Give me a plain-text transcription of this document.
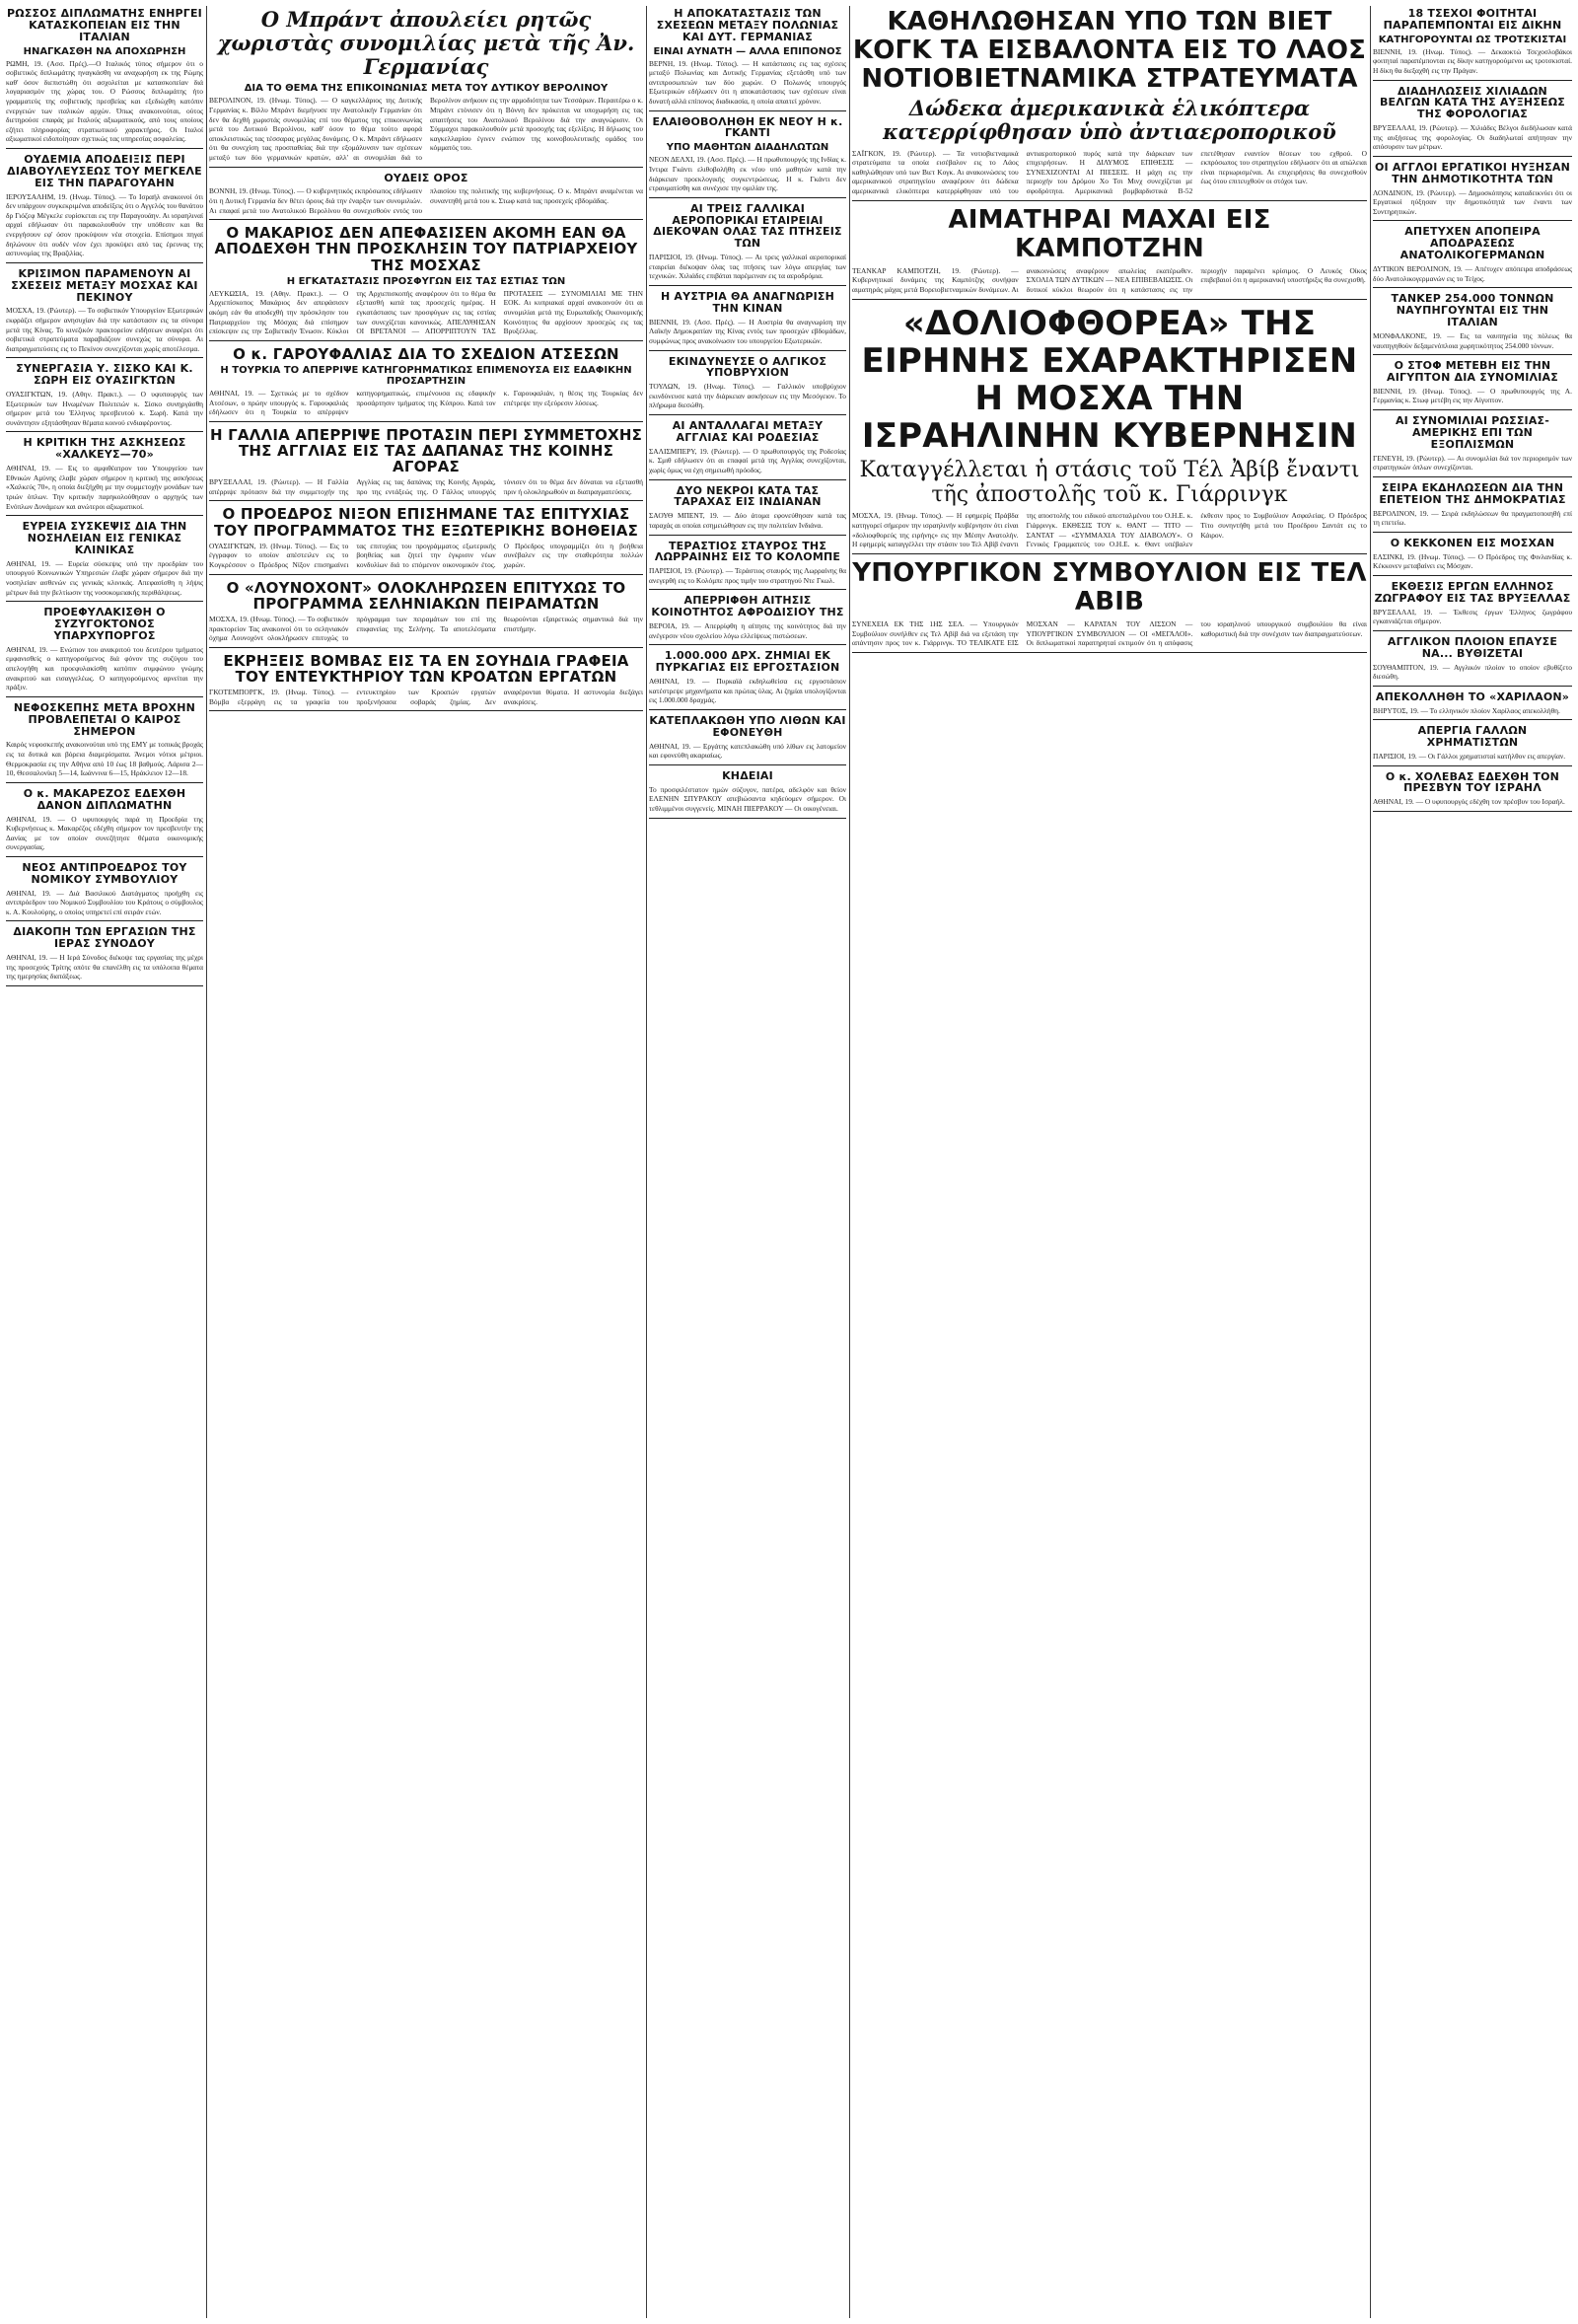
ΡΩΣΣΟΣ ΔΙΠΛΩΜΑΤΗΣ ΕΝΗΡΓΕΙ ΚΑΤΑΣΚΟΠΕΙΑΝ ΕΙΣ ΤΗΝ ΙΤΑΛΙΑΝ
ΗΝΑΓΚΑΣΘΗ ΝΑ ΑΠΟΧΩΡΗΣΗ
ΡΩΜΗ, 19. (Ασσ. Πρές).—Ο Ιταλικός τύπος σήμερον ότι ο σοβιετικός διπλωμάτης ηναγκάσθη να αναχωρήση εκ της Ρώμης καθ' όσον διεπιστώθη ότι ασχολείται με κατασκοπείαν διά λογαριασμόν της χώρας του. Ο Ρώσσος διπλωμάτης ήτο γραμματεύς της σοβιετικής πρεσβείας και εξεδιώχθη κατόπιν ενεργειών των ιταλικών αρχών. Όπως ανακοινούται, ούτος διετηρούσε επαφάς με Ιταλούς αξιωματικούς, από τους οποίους εζήτει πληροφορίας στρατιωτικού χαρακτήρος. Οι Ιταλοί αξιωματικοί ειδοποίησαν σχετικώς τας υπηρεσίας ασφαλείας.
ΟΥΔΕΜΙΑ ΑΠΟΔΕΙΞΙΣ ΠΕΡΙ ΔΙΑΒΟΥΛΕΥΣΕΩΣ ΤΟΥ ΜΕΓΚΕΛΕ ΕΙΣ ΤΗΝ ΠΑΡΑΓΟΥΑΗΝ
ΙΕΡΟΥΣΑΛΗΜ, 19. (Ηνωμ. Τύπος). — Το Ισραήλ ανακοινοί ότι δεν υπάρχουν συγκεκριμέναι αποδείξεις ότι ο Αγγελός του θανάτου δρ Γιόζεφ Μέγκελε ευρίσκεται εις την Παραγουάην. Αι ισραηλιναί αρχαί εδήλωσαν ότι παρακολουθούν την υπόθεσιν και θα ενεργήσουν εφ' όσον προκύψουν νέα στοιχεία. Επίσημοι πηγαί δηλώνουν ότι ουδέν νέον έχει προκύψει από τας έρευνας της αστυνομίας της Βραζιλίας.
ΚΡΙΣΙΜΟΝ ΠΑΡΑΜΕΝΟΥΝ ΑΙ ΣΧΕΣΕΙΣ ΜΕΤΑΞΥ ΜΟΣΧΑΣ ΚΑΙ ΠΕΚΙΝΟΥ
ΜΟΣΧΑ, 19. (Ρώυτερ). — Το σοβιετικόν Υπουργείον Εξωτερικών εκφράζει σήμερον ανησυχίαν διά την κατάστασιν εις τα σύνορα μετά της Κίνας. Το κινεζικόν πρακτορείον ειδήσεων αναφέρει ότι σοβιετικά στρατεύματα παραβιάζουν συνεχώς τα σύνορα. Αι διαπραγματεύσεις εις το Πεκίνον συνεχίζονται χωρίς αποτέλεσμα.
ΣΥΝΕΡΓΑΣΙΑ Υ. ΣΙΣΚΟ ΚΑΙ Κ. ΣΩΡΗ ΕΙΣ ΟΥΑΣΙΓΚΤΩΝ
ΟΥΑΣΙΓΚΤΩΝ, 19. (Αθην. Πρακτ.). — Ο υφυπουργός των Εξωτερικών των Ηνωμένων Πολιτειών κ. Σίσκο συνηργάσθη σήμερον μετά του Έλληνος πρεσβευτού κ. Σωρή. Κατά την συνάντησιν εξητάσθησαν θέματα κοινού ενδιαφέροντος.
Η ΚΡΙΤΙΚΗ ΤΗΣ ΑΣΚΗΣΕΩΣ «ΧΑΛΚΕΥΣ—70»
ΑΘΗΝΑΙ, 19. — Εις το αμφιθέατρον του Υπουργείου των Εθνικών Αμύνης έλαβε χώραν σήμερον η κριτική της ασκήσεως «Χαλκεύς 70», η οποία διεξήχθη με την συμμετοχήν μονάδων των τριών όπλων. Την κριτικήν παρηκολούθησαν ο αρχηγός των Ενόπλων Δυνάμεων και ανώτεροι αξιωματικοί.
ΕΥΡΕΙΑ ΣΥΣΚΕΨΙΣ ΔΙΑ ΤΗΝ ΝΟΣΗΛΕΙΑΝ ΕΙΣ ΓΕΝΙΚΑΣ ΚΛΙΝΙΚΑΣ
ΑΘΗΝΑΙ, 19. — Ευρεία σύσκεψις υπό την προεδρίαν του υπουργού Κοινωνικών Υπηρεσιών έλαβε χώραν σήμερον διά την νοσηλείαν ασθενών εις γενικάς κλινικάς. Απεφασίσθη η λήψις μέτρων διά την βελτίωσιν της νοσοκομειακής περιθάλψεως.
ΠΡΟΕΦΥΛΑΚΙΣΘΗ Ο ΣΥΖΥΓΟΚΤΟΝΟΣ ΥΠΑΡΧΥΠΟΡΓΟΣ
ΑΘΗΝΑΙ, 19. — Ενώπιον του ανακριτού του δευτέρου τμήματος εμφανισθείς ο κατηγορούμενος διά φόνον της συζύγου του απελογήθη και προεφυλακίσθη κατόπιν συμφώνου γνώμης ανακριτού και εισαγγελέως. Ο κατηγορούμενος αρνείται την πράξιν.
ΝΕΦΟΣΚΕΠΗΣ ΜΕΤΑ ΒΡΟΧΗΝ ΠΡΟΒΛΕΠΕΤΑΙ Ο ΚΑΙΡΟΣ ΣΗΜΕΡΟΝ
Καιρός νεφοσκεπής ανακοινούται υπό της ΕΜΥ με τοπικάς βροχάς εις τα δυτικά και βόρεια διαμερίσματα. Άνεμοι νότιοι μέτριοι. Θερμοκρασία εις την Αθήνα από 10 έως 18 βαθμούς. Λάρισα 2—10, Θεσσαλονίκη 5—14, Ιωάννινα 6—15, Ηράκλειον 12—18.
Ο κ. ΜΑΚΑΡΕΖΟΣ ΕΔΕΧΘΗ ΔΑΝΟΝ ΔΙΠΛΩΜΑΤΗΝ
ΑΘΗΝΑΙ, 19. — Ο υφυπουργός παρά τη Προεδρία της Κυβερνήσεως κ. Μακαρέζος εδέχθη σήμερον τον πρεσβευτήν της Δανίας με τον οποίον συνεζήτησε θέματα οικονομικής συνεργασίας.
ΝΕΟΣ ΑΝΤΙΠΡΟΕΔΡΟΣ ΤΟΥ ΝΟΜΙΚΟΥ ΣΥΜΒΟΥΛΙΟΥ
ΑΘΗΝΑΙ, 19. — Διά Βασιλικού Διατάγματος προήχθη εις αντιπρόεδρον του Νομικού Συμβουλίου του Κράτους ο σύμβουλος κ. Α. Κουλούρης, ο οποίος υπηρετεί επί σειράν ετών.
ΔΙΑΚΟΠΗ ΤΩΝ ΕΡΓΑΣΙΩΝ ΤΗΣ ΙΕΡΑΣ ΣΥΝΟΔΟΥ
ΑΘΗΝΑΙ, 19. — Η Ιερά Σύνοδος διέκοψε τας εργασίας της μέχρι της προσεχούς Τρίτης οπότε θα επανέλθη εις τα υπόλοιπα θέματα της ημερησίας διατάξεως.
Ο Μπράντ ἀπουλείει ρητῶς χωριστὰς συνομιλίας μετὰ τῆς Ἀν. Γερμανίας
ΔΙΑ ΤΟ ΘΕΜΑ ΤΗΣ ΕΠΙΚΟΙΝΩΝΙΑΣ ΜΕΤΑ ΤΟΥ ΔΥΤΙΚΟΥ ΒΕΡΟΛΙΝΟΥ
ΒΕΡΟΛΙΝΟΝ, 19. (Ηνωμ. Τύπος). — Ο καγκελλάριος της Δυτικής Γερμανίας κ. Βίλλυ Μπράντ διεμήνυσε την Ανατολικήν Γερμανίαν ότι δεν θα δεχθή χωριστάς συνομιλίας επί του θέματος της επικοινωνίας μετά του Δυτικού Βερολίνου, καθ' όσον το θέμα τούτο αφορά αποκλειστικώς τας τέσσαρας μεγάλας δυνάμεις. Ο κ. Μπράντ εδήλωσεν ότι θα συνεχίση τας προσπαθείας διά την εξομάλυνσιν των σχέσεων μεταξύ των δύο γερμανικών κρατών, αλλ' αι συνομιλίαι διά το Βερολίνον ανήκουν εις την αρμοδιότητα των Τεσσάρων. Περαιτέρω ο κ. Μπράντ ετόνισεν ότι η Βόννη δεν πρόκειται να υποχωρήση εις τας απαιτήσεις του Ανατολικού Βερολίνου διά την αναγνώρισιν. Οι Σύμμαχοι παρακολουθούν μετά προσοχής τας εξελίξεις. Η δήλωσις του καγκελλαρίου έγινεν ενώπιον της κοινοβουλευτικής ομάδος του κόμματός του.
ΟΥΔΕΙΣ ΟΡΟΣ
ΒΟΝΝΗ, 19. (Ηνωμ. Τύπος). — Ο κυβερνητικός εκπρόσωπος εδήλωσεν ότι η Δυτική Γερμανία δεν θέτει όρους διά την έναρξιν των συνομιλιών. Αι επαφαί μετά του Ανατολικού Βερολίνου θα συνεχισθούν εντός του πλαισίου της πολιτικής της κυβερνήσεως. Ο κ. Μπράντ αναμένεται να συναντηθή μετά του κ. Στωφ κατά τας προσεχείς εβδομάδας.
Ο ΜΑΚΑΡΙΟΣ ΔΕΝ ΑΠΕΦΑΣΙΣΕΝ ΑΚΟΜΗ ΕΑΝ ΘΑ ΑΠΟΔΕΧΘΗ ΤΗΝ ΠΡΟΣΚΛΗΣΙΝ ΤΟΥ ΠΑΤΡΙΑΡΧΕΙΟΥ ΤΗΣ ΜΟΣΧΑΣ
Η ΕΓΚΑΤΑΣΤΑΣΙΣ ΠΡΟΣΦΥΓΩΝ ΕΙΣ ΤΑΣ ΕΣΤΙΑΣ ΤΩΝ
ΛΕΥΚΩΣΙΑ, 19. (Αθην. Πρακτ.). — Ο Αρχιεπίσκοπος Μακάριος δεν απεφάσισεν ακόμη εάν θα αποδεχθή την πρόσκλησιν του Πατριαρχείου της Μόσχας διά επίσημον επίσκεψιν εις την Σοβιετικήν Ένωσιν. Κύκλοι της Αρχιεπισκοπής αναφέρουν ότι το θέμα θα εξετασθή κατά τας προσεχείς ημέρας. Η εγκατάστασις των προσφύγων εις τας εστίας των συνεχίζεται κανονικώς. ΑΠΕΛΥΘΗΣΑΝ ΟΙ ΒΡΕΤΑΝΟΙ — ΑΠΟΡΡΙΠΤΟΥΝ ΤΑΣ ΠΡΟΤΑΣΕΙΣ — ΣΥΝΟΜΙΛΙΑΙ ΜΕ ΤΗΝ ΕΟΚ. Αι κυπριακαί αρχαί ανακοινούν ότι αι συνομιλίαι μετά της Ευρωπαϊκής Οικονομικής Κοινότητος θα αρχίσουν προσεχώς εις τας Βρυξέλλας.
Ο κ. ΓΑΡΟΥΦΑΛΙΑΣ ΔΙΑ ΤΟ ΣΧΕΔΙΟΝ ΑΤΣΕΣΩΝ
Η ΤΟΥΡΚΙΑ ΤΟ ΑΠΕΡΡΙΨΕ ΚΑΤΗΓΟΡΗΜΑΤΙΚΩΣ ΕΠΙΜΕΝΟΥΣΑ ΕΙΣ ΕΔΑΦΙΚΗΝ ΠΡΟΣΑΡΤΗΣΙΝ
ΑΘΗΝΑΙ, 19. — Σχετικώς με το σχέδιον Ατσέσων, ο πρώην υπουργός κ. Γαρουφαλιάς εδήλωσεν ότι η Τουρκία το απέρριψεν κατηγορηματικώς, επιμένουσα εις εδαφικήν προσάρτησιν τμήματος της Κύπρου. Κατά τον κ. Γαρουφαλιάν, η θέσις της Τουρκίας δεν επέτρεψε την εξεύρεσιν λύσεως.
Η ΓΑΛΛΙΑ ΑΠΕΡΡΙΨΕ ΠΡΟΤΑΣΙΝ ΠΕΡΙ ΣΥΜΜΕΤΟΧΗΣ ΤΗΣ ΑΓΓΛΙΑΣ ΕΙΣ ΤΑΣ ΔΑΠΑΝΑΣ ΤΗΣ ΚΟΙΝΗΣ ΑΓΟΡΑΣ
ΒΡΥΞΕΛΛΑΙ, 19. (Ρώυτερ). — Η Γαλλία απέρριψε πρότασιν διά την συμμετοχήν της Αγγλίας εις τας δαπάνας της Κοινής Αγοράς, προ της εντάξεώς της. Ο Γάλλος υπουργός τόνισεν ότι το θέμα δεν δύναται να εξετασθή πριν ή ολοκληρωθούν αι διαπραγματεύσεις.
Ο ΠΡΟΕΔΡΟΣ ΝΙΞΟΝ ΕΠΙΣΗΜΑΝΕ ΤΑΣ ΕΠΙΤΥΧΙΑΣ ΤΟΥ ΠΡΟΓΡΑΜΜΑΤΟΣ ΤΗΣ ΕΞΩΤΕΡΙΚΗΣ ΒΟΗΘΕΙΑΣ
ΟΥΑΣΙΓΚΤΩΝ, 19. (Ηνωμ. Τύπος). — Εις το έγγραφον το οποίον απέστειλεν εις το Κογκρέσσον ο Πρόεδρος Νίξον επισημαίνει τας επιτυχίας του προγράμματος εξωτερικής βοηθείας και ζητεί την έγκρισιν νέων κονδυλίων διά το επόμενον οικονομικόν έτος. Ο Πρόεδρος υπογραμμίζει ότι η βοήθεια συνέβαλεν εις την σταθερότητα πολλών χωρών.
Ο «ΛΟΥΝΟΧΟΝΤ» ΟΛΟΚΛΗΡΩΣΕΝ ΕΠΙΤΥΧΩΣ ΤΟ ΠΡΟΓΡΑΜΜΑ ΣΕΛΗΝΙΑΚΩΝ ΠΕΙΡΑΜΑΤΩΝ
ΜΟΣΧΑ, 19. (Ηνωμ. Τύπος). — Το σοβιετικόν πρακτορείον Τας ανακοινοί ότι το σεληνιακόν όχημα Λουνοχόντ ολοκλήρωσεν επιτυχώς το πρόγραμμα των πειραμάτων του επί της επιφανείας της Σελήνης. Τα αποτελέσματα θεωρούνται εξαιρετικώς σημαντικά διά την επιστήμην.
ΕΚΡΗΞΕΙΣ ΒΟΜΒΑΣ ΕΙΣ ΤΑ ΕΝ ΣΟΥΗΔΙΑ ΓΡΑΦΕΙΑ ΤΟΥ ΕΝΤΕΥΚΤΗΡΙΟΥ ΤΩΝ ΚΡΟΑΤΩΝ ΕΡΓΑΤΩΝ
ΓΚΟΤΕΜΠΟΡΓΚ, 19. (Ηνωμ. Τύπος). — Βόμβα εξερράγη εις τα γραφεία του εντευκτηρίου των Κροατών εργατών προξενήσασα σοβαράς ζημίας. Δεν αναφέρονται θύματα. Η αστυνομία διεξάγει ανακρίσεις.
Η ΑΠΟΚΑΤΑΣΤΑΣΙΣ ΤΩΝ ΣΧΕΣΕΩΝ ΜΕΤΑΞΥ ΠΟΛΩΝΙΑΣ ΚΑΙ ΔΥΤ. ΓΕΡΜΑΝΙΑΣ
ΕΙΝΑΙ ΑΥΝΑΤΗ — ΑΛΛΑ ΕΠΙΠΟΝΟΣ
ΒΕΡΝΗ, 19. (Ηνωμ. Τύπος). — Η κατάστασις εις τας σχέσεις μεταξύ Πολωνίας και Δυτικής Γερμανίας εξετάσθη υπό των αντιπροσωπειών των δύο χωρών. Ο Πολωνός υπουργός Εξωτερικών εδήλωσεν ότι η αποκατάστασις των σχέσεων είναι δυνατή αλλά επίπονος διαδικασία, η οποία απαιτεί χρόνον.
ΕΛΑΙΘΟΒΟΛΗΘΗ ΕΚ ΝΕΟΥ Η κ. ΓΚΑΝΤΙ
ΥΠΟ ΜΑΘΗΤΩΝ ΔΙΑΔΗΛΩΤΩΝ
ΝΕΟΝ ΔΕΛΧΙ, 19. (Ασσ. Πρές). — Η πρωθυπουργός της Ινδίας κ. Ίντιρα Γκάντι ελιθοβολήθη εκ νέου υπό μαθητών κατά την διάρκειαν προεκλογικής συγκεντρώσεως. Η κ. Γκάντι δεν ετραυματίσθη και συνέχισε την ομιλίαν της.
ΑΙ ΤΡΕΙΣ ΓΑΛΛΙΚΑΙ ΑΕΡΟΠΟΡΙΚΑΙ ΕΤΑΙΡΕΙΑΙ ΔΙΕΚΟΨΑΝ ΟΛΑΣ ΤΑΣ ΠΤΗΣΕΙΣ ΤΩΝ
ΠΑΡΙΣΙΟΙ, 19. (Ηνωμ. Τύπος). — Αι τρεις γαλλικαί αεροπορικαί εταιρείαι διέκοψαν όλας τας πτήσεις των λόγω απεργίας των τεχνικών. Χιλιάδες επιβάται παρέμειναν εις τα αεροδρόμια.
Η ΑΥΣΤΡΙΑ ΘΑ ΑΝΑΓΝΩΡΙΣΗ ΤΗΝ ΚΙΝΑΝ
ΒΙΕΝΝΗ, 19. (Ασσ. Πρές). — Η Αυστρία θα αναγνωρίση την Λαϊκήν Δημοκρατίαν της Κίνας εντός των προσεχών εβδομάδων, συμφώνως προς ανακοίνωσιν του υπουργείου Εξωτερικών.
ΕΚΙΝΔΥΝΕΥΣΕ Ο ΑΛΓΙΚΟΣ ΥΠΟΒΡΥΧΙΟΝ
ΤΟΥΛΩΝ, 19. (Ηνωμ. Τύπος). — Γαλλικόν υποβρύχιον εκινδύνευσε κατά την διάρκειαν ασκήσεων εις την Μεσόγειον. Το πλήρωμα διεσώθη.
ΑΙ ΑΝΤΑΛΛΑΓΑΙ ΜΕΤΑΞΥ ΑΓΓΛΙΑΣ ΚΑΙ ΡΟΔΕΣΙΑΣ
ΣΑΛΙΣΜΠΕΡΥ, 19. (Ρώυτερ). — Ο πρωθυπουργός της Ροδεσίας κ. Σμιθ εδήλωσεν ότι αι επαφαί μετά της Αγγλίας συνεχίζονται, χωρίς όμως να έχη σημειωθή πρόοδος.
ΔΥΟ ΝΕΚΡΟΙ ΚΑΤΑ ΤΑΣ ΤΑΡΑΧΑΣ ΕΙΣ ΙΝΔΙΑΝΑΝ
ΣΑΟΥΘ ΜΠΕΝΤ, 19. — Δύο άτομα εφονεύθησαν κατά τας ταραχάς αι οποίαι εσημειώθησαν εις την πολιτείαν Ινδιάνα.
ΤΕΡΑΣΤΙΟΣ ΣΤΑΥΡΟΣ ΤΗΣ ΛΩΡΡΑΙΝΗΣ ΕΙΣ ΤΟ ΚΟΛΟΜΠΕ
ΠΑΡΙΣΙΟΙ, 19. (Ρώυτερ). — Τεράστιος σταυρός της Λωρραίνης θα ανεγερθή εις το Κολόμπε προς τιμήν του στρατηγού Ντε Γκωλ.
ΑΠΕΡΡΙΦΘΗ ΑΙΤΗΣΙΣ ΚΟΙΝΟΤΗΤΟΣ ΑΦΡΟΔΙΣΙΟΥ ΤΗΣ
ΒΕΡΟΙΑ, 19. — Απερρίφθη η αίτησις της κοινότητος διά την ανέγερσιν νέου σχολείου λόγω ελλείψεως πιστώσεων.
1.000.000 ΔΡΧ. ΖΗΜΙΑΙ ΕΚ ΠΥΡΚΑΓΙΑΣ ΕΙΣ ΕΡΓΟΣΤΑΣΙΟΝ
ΑΘΗΝΑΙ, 19. — Πυρκαϊά εκδηλωθείσα εις εργοστάσιον κατέστρεψε μηχανήματα και πρώτας ύλας. Αι ζημίαι υπολογίζονται εις 1.000.000 δραχμάς.
ΚΑΤΕΠΛΑΚΩΘΗ ΥΠΟ ΛΙΘΩΝ ΚΑΙ ΕΦΟΝΕΥΘΗ
ΑΘΗΝΑΙ, 19. — Εργάτης κατεπλακώθη υπό λίθων εις λατομείον και εφονεύθη ακαριαίως.
ΚΗΔΕΙΑΙ
Το προσφιλέστατον ημών σύζυγον, πατέρα, αδελφόν και θείον ΕΛΕΝΗΝ ΣΠΥΡΑΚΟΥ απεβιώσαντα κηδεύομεν σήμερον. Οι τεθλιμμένοι συγγενείς. ΜΙΝΑΗ ΠΙΕΡΡΑΚΟΥ — Οι οικογένειαι.
ΚΑΘΗΛΩΘΗΣΑΝ ΥΠΟ ΤΩΝ ΒΙΕΤ ΚΟΓΚ ΤΑ ΕΙΣΒΑΛΟΝΤΑ ΕΙΣ ΤΟ ΛΑΟΣ ΝΟΤΙΟΒΙΕΤΝΑΜΙΚΑ ΣΤΡΑΤΕΥΜΑΤΑ
Δώδεκα ἀμερικανικὰ ἑλικόπτερα κατερρίφθησαν ὑπὸ ἀντιαεροπορικοῦ
ΣΑΪΓΚΟΝ, 19. (Ρώυτερ). — Τα νοτιοβιετναμικά στρατεύματα τα οποία εισέβαλον εις το Λάος καθηλώθησαν υπό των Βιετ Κογκ. Αι ανακοινώσεις του αμερικανικού στρατηγείου αναφέρουν ότι δώδεκα αμερικανικά ελικόπτερα κατερρίφθησαν υπό του αντιαεροπορικού πυρός κατά την διάρκειαν των επιχειρήσεων. Η ΔΙΛΥΜΟΣ ΕΠΙΘΕΣΙΣ — ΣΥΝΕΧΙΖΟΝΤΑΙ ΑΙ ΠΙΕΣΕΙΣ. Η μάχη εις την περιοχήν του Δρόμου Χο Τσι Μινχ συνεχίζεται με σφοδρότητα. Αμερικανικά βομβαρδιστικά Β-52 επετέθησαν εναντίον θέσεων του εχθρού. Ο εκπρόσωπος του στρατηγείου εδήλωσεν ότι αι απώλειαι είναι περιωρισμέναι. Αι επιχειρήσεις θα συνεχισθούν έως ότου επιτευχθούν οι στόχοι των.
ΑΙΜΑΤΗΡΑΙ ΜΑΧΑΙ ΕΙΣ ΚΑΜΠΟΤΖΗΝ
ΤΕΑΝΚΑΡ ΚΑΜΠΟΤΖΗ, 19. (Ρώυτερ). — Κυβερνητικαί δυνάμεις της Καμπότζης συνήψαν αιματηράς μάχας μετά Βορειοβιετναμικών δυνάμεων. Αι ανακοινώσεις αναφέρουν απωλείας εκατέρωθεν. ΣΧΟΛΙΑ ΤΩΝ ΔΥΤΙΚΩΝ — ΝΕΑ ΕΠΙΒΕΒΑΙΩΣΙΣ. Οι δυτικοί κύκλοι θεωρούν ότι η κατάστασις εις την περιοχήν παραμένει κρίσιμος. Ο Λευκός Οίκος επιβεβαιοί ότι η αμερικανική υποστήριξις θα συνεχισθή.
«ΔΟΛΙΟΦΘΟΡΕΑ» ΤΗΣ ΕΙΡΗΝΗΣ ΕΧΑΡΑΚΤΗΡΙΣΕΝ Η ΜΟΣΧΑ ΤΗΝ ΙΣΡΑΗΛΙΝΗΝ ΚΥΒΕΡΝΗΣΙΝ
Καταγγέλλεται ἡ στάσις τοῦ Τέλ Ἀβίβ ἔναντι τῆς ἀποστολῆς τοῦ κ. Γιάρρινγκ
ΜΟΣΧΑ, 19. (Ηνωμ. Τύπος). — Η εφημερίς Πράβδα κατηγορεί σήμερον την ισραηλινήν κυβέρνησιν ότι είναι «δολιοφθορεύς της ειρήνης» εις την Μέσην Ανατολήν. Η εφημερίς καταγγέλλει την στάσιν του Τελ Αβίβ έναντι της αποστολής του ειδικού απεσταλμένου του Ο.Η.Ε. κ. Γιάρρινγκ. ΕΚΘΕΣΙΣ ΤΟΥ κ. ΘΑΝΤ — ΤΙΤΟ — ΣΑΝΤΑΤ — «ΣΥΜΜΑΧΙΑ ΤΟΥ ΔΙΑΒΟΛΟΥ». Ο Γενικός Γραμματεύς του Ο.Η.Ε. κ. Θαντ υπέβαλεν έκθεσιν προς το Συμβούλιον Ασφαλείας. Ο Πρόεδρος Τίτο συνηντήθη μετά του Προέδρου Σαντάτ εις το Κάιρον.
ΥΠΟΥΡΓΙΚΟΝ ΣΥΜΒΟΥΛΙΟΝ ΕΙΣ ΤΕΛ ΑΒΙΒ
ΣΥΝΕΧΕΙΑ ΕΚ ΤΗΣ 1ΗΣ ΣΕΛ. — Υπουργικόν Συμβούλιον συνήλθεν εις Τελ Αβίβ διά να εξετάση την απάντησιν προς τον κ. Γιάρρινγκ. ΤΟ ΤΕΛΙΚΑΤΕ ΕΙΣ ΜΟΣΧΑΝ — ΚΑΡΑΤΑΝ ΤΟΥ ΛΙΣΣΟΝ — ΥΠΟΥΡΓΙΚΟΝ ΣΥΜΒΟΥΛΙΟΝ — ΟΙ «ΜΕΓΑΛΟΙ». Οι διπλωματικοί παρατηρηταί εκτιμούν ότι η απόφασις του ισραηλινού υπουργικού συμβουλίου θα είναι καθοριστική διά την συνέχισιν των διαπραγματεύσεων.
18 ΤΣΕΧΟΙ ΦΟΙΤΗΤΑΙ ΠΑΡΑΠΕΜΠΟΝΤΑΙ ΕΙΣ ΔΙΚΗΝ
ΚΑΤΗΓΟΡΟΥΝΤΑΙ ΩΣ ΤΡΟΤΣΚΙΣΤΑΙ
ΒΙΕΝΝΗ, 19. (Ηνωμ. Τύπος). — Δεκαοκτώ Τσεχοσλοβάκοι φοιτηταί παραπέμπονται εις δίκην κατηγορούμενοι ως τροτσκισταί. Η δίκη θα διεξαχθή εις την Πράγαν.
ΔΙΑΔΗΛΩΣΕΙΣ ΧΙΛΙΑΔΩΝ ΒΕΛΓΩΝ ΚΑΤΑ ΤΗΣ ΑΥΞΗΣΕΩΣ ΤΗΣ ΦΟΡΟΛΟΓΙΑΣ
ΒΡΥΞΕΛΛΑΙ, 19. (Ρώυτερ). — Χιλιάδες Βέλγοι διεδήλωσαν κατά της αυξήσεως της φορολογίας. Οι διαδηλωταί απήτησαν την απόσυρσιν των μέτρων.
ΟΙ ΑΓΓΛΟΙ ΕΡΓΑΤΙΚΟΙ ΗΥΞΗΣΑΝ ΤΗΝ ΔΗΜΟΤΙΚΟΤΗΤΑ ΤΩΝ
ΛΟΝΔΙΝΟΝ, 19. (Ρώυτερ). — Δημοσκόπησις καταδεικνύει ότι οι Εργατικοί ηύξησαν την δημοτικότητά των έναντι των Συντηρητικών.
ΑΠΕΤΥΧΕΝ ΑΠΟΠΕΙΡΑ ΑΠΟΔΡΑΣΕΩΣ ΑΝΑΤΟΛΙΚΟΓΕΡΜΑΝΩΝ
ΔΥΤΙΚΟΝ ΒΕΡΟΛΙΝΟΝ, 19. — Απέτυχεν απόπειρα αποδράσεως δύο Ανατολικογερμανών εις το Τείχος.
ΤΑΝΚΕΡ 254.000 ΤΟΝΝΩΝ ΝΑΥΠΗΓΟΥΝΤΑΙ ΕΙΣ ΤΗΝ ΙΤΑΛΙΑΝ
ΜΟΝΦΑΛΚΟΝΕ, 19. — Εις τα ναυπηγεία της πόλεως θα ναυπηγηθούν δεξαμενόπλοια χωρητικότητος 254.000 τόννων.
Ο ΣΤΟΦ ΜΕΤΕΒΗ ΕΙΣ ΤΗΝ ΑΙΓΥΠΤΟΝ ΔΙΑ ΣΥΝΟΜΙΛΙΑΣ
ΒΙΕΝΝΗ, 19. (Ηνωμ. Τύπος). — Ο πρωθυπουργός της Α. Γερμανίας κ. Στωφ μετέβη εις την Αίγυπτον.
ΑΙ ΣΥΝΟΜΙΛΙΑΙ ΡΩΣΣΙΑΣ-ΑΜΕΡΙΚΗΣ ΕΠΙ ΤΩΝ ΕΞΟΠΛΙΣΜΩΝ
ΓΕΝΕΥΗ, 19. (Ρώυτερ). — Αι συνομιλίαι διά τον περιορισμόν των στρατηγικών όπλων συνεχίζονται.
ΣΕΙΡΑ ΕΚΔΗΛΩΣΕΩΝ ΔΙΑ ΤΗΝ ΕΠΕΤΕΙΟΝ ΤΗΣ ΔΗΜΟΚΡΑΤΙΑΣ
ΒΕΡΟΛΙΝΟΝ, 19. — Σειρά εκδηλώσεων θα πραγματοποιηθή επί τη επετείω.
Ο ΚΕΚΚΟΝΕΝ ΕΙΣ ΜΟΣΧΑΝ
ΕΛΣΙΝΚΙ, 19. (Ηνωμ. Τύπος). — Ο Πρόεδρος της Φινλανδίας κ. Κέκκονεν μεταβαίνει εις Μόσχαν.
ΕΚΘΕΣΙΣ ΕΡΓΩΝ ΕΛΛΗΝΟΣ ΖΩΓΡΑΦΟΥ ΕΙΣ ΤΑΣ ΒΡΥΞΕΛΛΑΣ
ΒΡΥΞΕΛΛΑΙ, 19. — Έκθεσις έργων Έλληνος ζωγράφου εγκαινιάζεται σήμερον.
ΑΓΓΛΙΚΟΝ ΠΛΟΙΟΝ ΕΠΑΥΣΕ ΝΑ... ΒΥΘΙΖΕΤΑΙ
ΣΟΥΘΑΜΠΤΟΝ, 19. — Αγγλικόν πλοίον το οποίον εβυθίζετο διεσώθη.
ΑΠΕΚΟΛΛΗΘΗ ΤΟ «ΧΑΡΙΛΑΟΝ»
ΒΗΡΥΤΟΣ, 19. — Το ελληνικόν πλοίον Χαρίλαος απεκολλήθη.
ΑΠΕΡΓΙΑ ΓΑΛΛΩΝ ΧΡΗΜΑΤΙΣΤΩΝ
ΠΑΡΙΣΙΟΙ, 19. — Οι Γάλλοι χρηματισταί κατήλθον εις απεργίαν.
Ο κ. ΧΟΛΕΒΑΣ ΕΔΕΧΘΗ ΤΟΝ ΠΡΕΣΒΥΝ ΤΟΥ ΙΣΡΑΗΛ
ΑΘΗΝΑΙ, 19. — Ο υφυπουργός εδέχθη τον πρέσβυν του Ισραήλ.
